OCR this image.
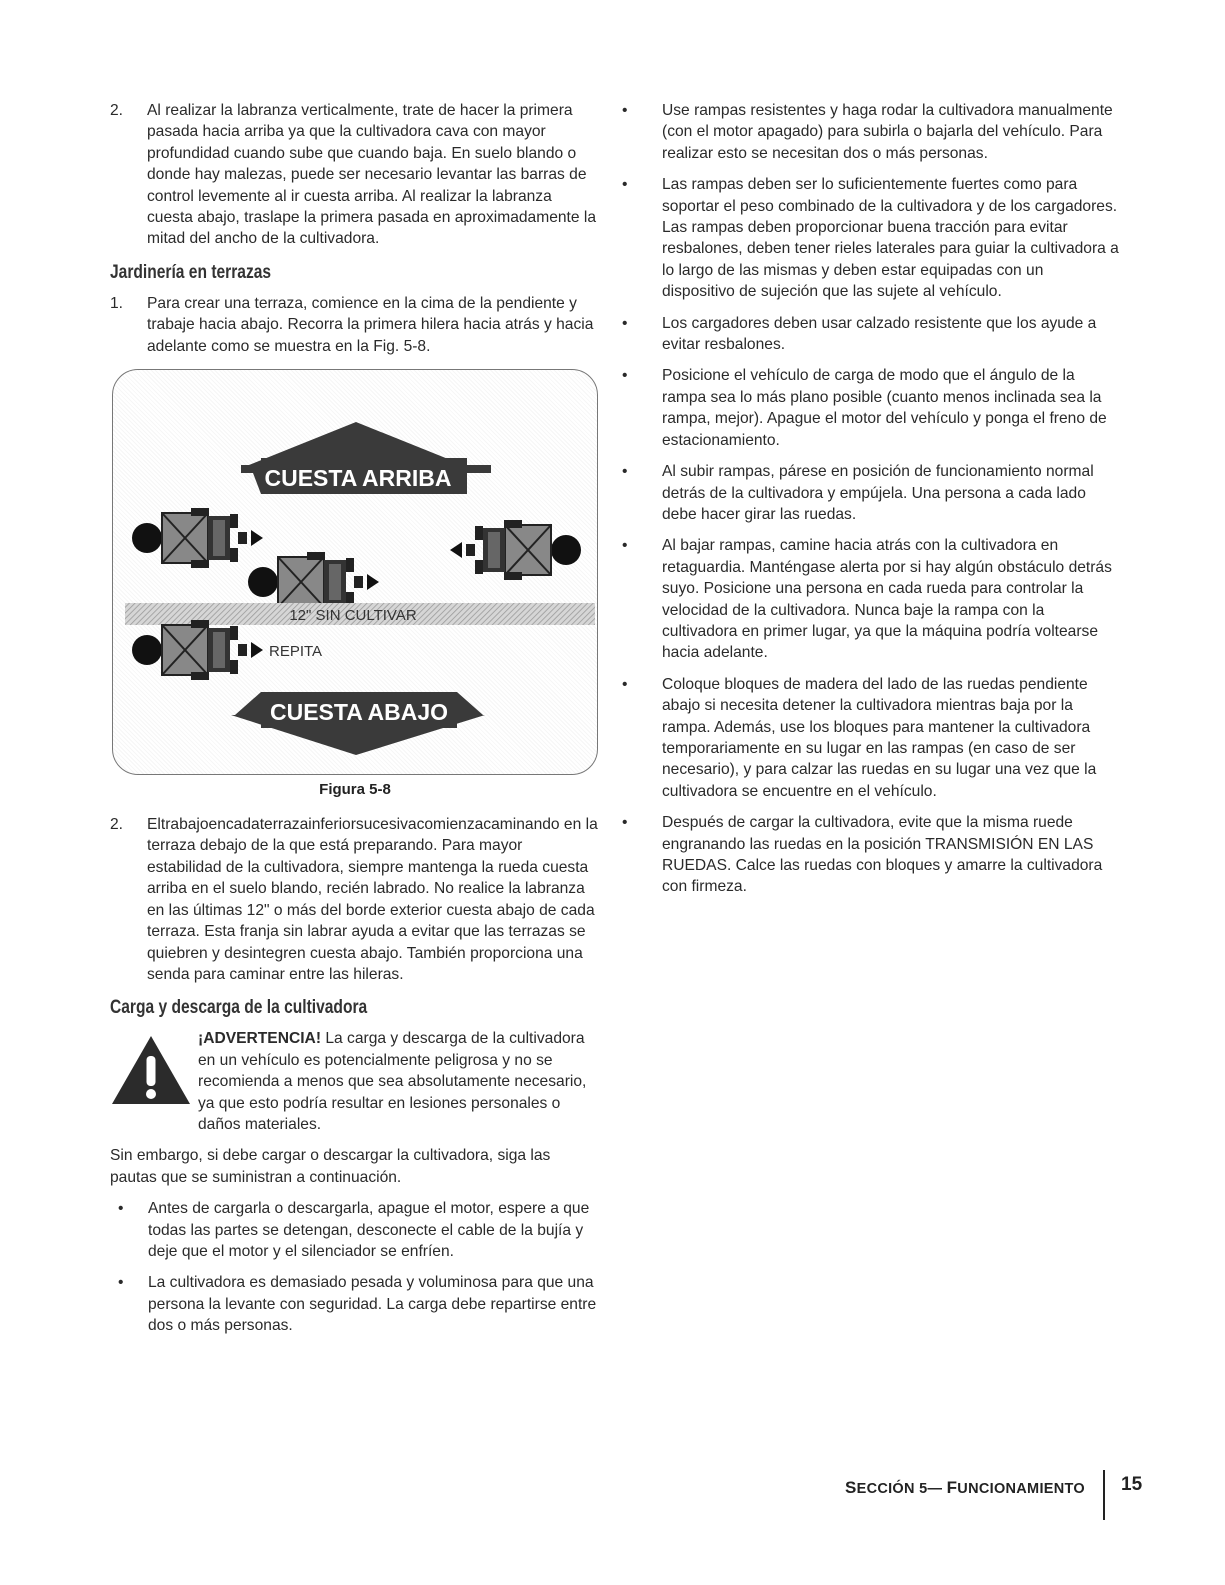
2. Al realizar la labranza verticalmente, trate de hacer la primera pasada hacia arriba ya que la cultivadora cava con mayor profundidad cuando sube que cuando baja. En suelo blando o donde hay malezas, puede ser necesario levantar las barras de control levemente al ir cuesta arriba. Al realizar la labranza cuesta abajo, traslape la primera pasada en aproximadamente la mitad del ancho de la cultivadora.
Jardinería en terrazas
1. Para crear una terraza, comience en la cima de la pendiente y trabaje hacia abajo. Recorra la primera hilera hacia atrás y hacia adelante como se muestra en la Fig. 5-8.
CUESTA ARRIBA
12" SIN CULTIVAR
REPITA
CUESTA ABAJO
Figura 5-8
2. Eltrabajoencadaterrazainferiorsucesivacomienzacaminando en la terraza debajo de la que está preparando. Para mayor estabilidad de la cultivadora, siempre mantenga la rueda cuesta arriba en el suelo blando, recién labrado. No realice la labranza en las últimas 12" o más del borde exterior cuesta abajo de cada terraza. Esta franja sin labrar ayuda a evitar que las terrazas se quiebren y desintegren cuesta abajo. También proporciona una senda para caminar entre las hileras.
Carga y descarga de la cultivadora

¡ADVERTENCIA! La carga y descarga de la cultivadora en un vehículo es potencialmente peligrosa y no se recomienda a menos que sea absolutamente necesario, ya que esto podría resultar en lesiones personales o daños materiales.

Sin embargo, si debe cargar o descargar la cultivadora, siga las pautas que se suministran a continuación.

• Antes de cargarla o descargarla, apague el motor, espere a que todas las partes se detengan, desconecte el cable de la bujía y deje que el motor y el silenciador se enfríen.
• La cultivadora es demasiado pesada y voluminosa para que una persona la levante con seguridad. La carga debe repartirse entre dos o más personas.
• Use rampas resistentes y haga rodar la cultivadora manualmente (con el motor apagado) para subirla o bajarla del vehículo. Para realizar esto se necesitan dos o más personas.
• Las rampas deben ser lo suficientemente fuertes como para soportar el peso combinado de la cultivadora y de los cargadores. Las rampas deben proporcionar buena tracción para evitar resbalones, deben tener rieles laterales para guiar la cultivadora a lo largo de las mismas y deben estar equipadas con un dispositivo de sujeción que las sujete al vehículo.
• Los cargadores deben usar calzado resistente que los ayude a evitar resbalones.
• Posicione el vehículo de carga de modo que el ángulo de la rampa sea lo más plano posible (cuanto menos inclinada sea la rampa, mejor). Apague el motor del vehículo y ponga el freno de estacionamiento.
• Al subir rampas, párese en posición de funcionamiento normal detrás de la cultivadora y empújela. Una persona a cada lado debe hacer girar las ruedas.
• Al bajar rampas, camine hacia atrás con la cultivadora en retaguardia. Manténgase alerta por si hay algún obstáculo detrás suyo. Posicione una persona en cada rueda para controlar la velocidad de la cultivadora. Nunca baje la rampa con la cultivadora en primer lugar, ya que la máquina podría voltearse hacia adelante.
• Coloque bloques de madera del lado de las ruedas pendiente abajo si necesita detener la cultivadora mientras baja por la rampa. Además, use los bloques para mantener la cultivadora temporariamente en su lugar en las rampas (en caso de ser necesario), y para calzar las ruedas en su lugar una vez que la cultivadora se encuentre en el vehículo.
• Después de cargar la cultivadora, evite que la misma ruede engranando las ruedas en la posición TRANSMISIÓN EN LAS RUEDAS. Calce las ruedas con bloques y amarre la cultivadora con firmeza.
SECCIÓN 5— FUNCIONAMIENTO 15
